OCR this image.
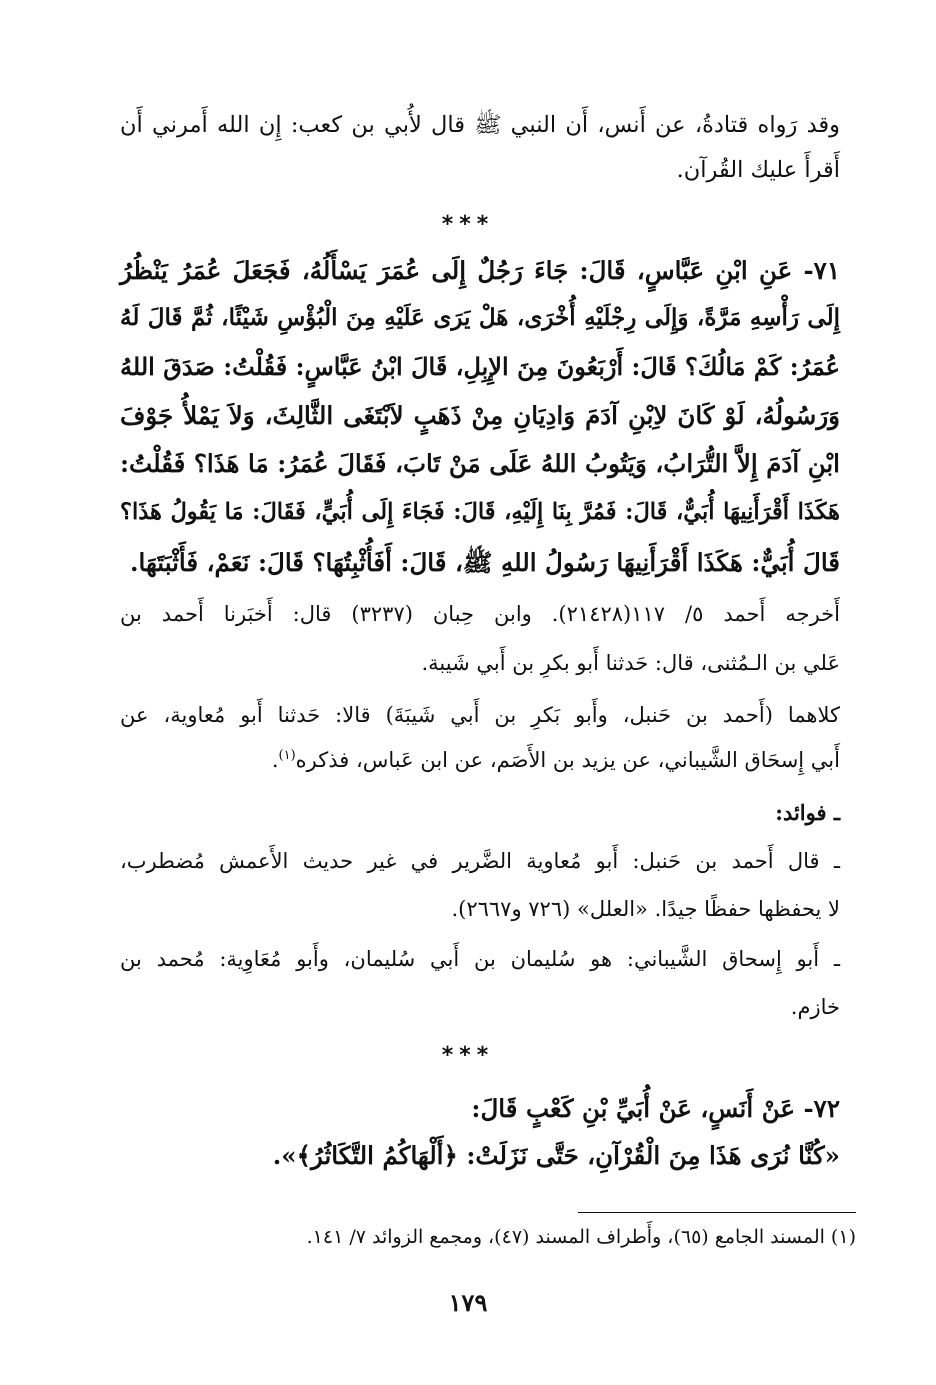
وقد رَواه قتادةُ، عن أَنس، أَن النبي ﷺ قال لأُبي بن كعب: إِن الله أَمرني أَن
أَقرأَ عليك القُرآن.
***
٧١- عَنِ ابْنِ عَبَّاسٍ، قَالَ: جَاءَ رَجُلٌ إِلَى عُمَرَ يَسْأَلُهُ، فَجَعَلَ عُمَرُ يَنْظُرُ
إِلَى رَأْسِهِ مَرَّةً، وَإِلَى رِجْلَيْهِ أُخْرَى، هَلْ يَرَى عَلَيْهِ مِنَ الْبُؤْسِ شَيْئًا، ثُمَّ قَالَ لَهُ
عُمَرُ: كَمْ مَالُكَ؟ قَالَ: أَرْبَعُونَ مِنَ الإِبِلِ، قَالَ ابْنُ عَبَّاسٍ: فَقُلْتُ: صَدَقَ اللهُ
وَرَسُولُهُ، لَوْ كَانَ لاِبْنِ آدَمَ وَادِيَانِ مِنْ ذَهَبٍ لاَبْتَغَى الثَّالِثَ، وَلاَ يَمْلأُ جَوْفَ
ابْنِ آدَمَ إِلاَّ التُّرَابُ، وَيَتُوبُ اللهُ عَلَى مَنْ تَابَ، فَقَالَ عُمَرُ: مَا هَذَا؟ فَقُلْتُ:
هَكَذَا أَقْرَأَنِيهَا أُبَيٌّ، قَالَ: فَمُرَّ بِنَا إِلَيْهِ، قَالَ: فَجَاءَ إِلَى أُبَيٍّ، فَقَالَ: مَا يَقُولُ هَذَا؟
قَالَ أُبَيٌّ: هَكَذَا أَقْرَأَنِيهَا رَسُولُ اللهِ ﷺ، قَالَ: أَفَأُثْبِتُهَا؟ قَالَ: نَعَمْ، فَأَثْبَتَهَا.
أَخرجه أَحمد ٥/ ١١٧(٢١٤٢٨). وابن حِبان (٣٢٣٧) قال: أَخبَرنا أَحمد بن
عَلي بن الـمُثنى، قال: حَدثنا أَبو بكرِ بن أَبي شَيبة.
كلاهما (أَحمد بن حَنبل، وأَبو بَكرِ بن أَبي شَيبَةَ) قالا: حَدثنا أَبو مُعاوية، عن
أَبي إِسحَاق الشَّيباني، عن يزيد بن الأَصَم، عن ابن عَباس، فذكره$^{(١)}$.
ـ فوائد:
ـ قال أَحمد بن حَنبل: أَبو مُعاوية الضَّرير في غير حديث الأَعمش مُضطرب،
لا يحفظها حفظًا جيدًا. «العلل» (٧٢٦ و٢٦٦٧).
ـ أَبو إِسحاق الشَّيباني: هو سُليمان بن أَبي سُليمان، وأَبو مُعَاوِية: مُحمد بن
خازم.
***
٧٢- عَنْ أَنَسٍ، عَنْ أُبَيِّ بْنِ كَعْبٍ قَالَ:
«كُنَّا نُرَى هَذَا مِنَ الْقُرْآنِ، حَتَّى نَزَلَتْ: ﴿أَلْهَاكُمُ التَّكَاثُرُ﴾».
(١) المسند الجامع (٦٥)، وأَطراف المسند (٤٧)، ومجمع الزوائد ٧/ ١٤١.
١٧٩
